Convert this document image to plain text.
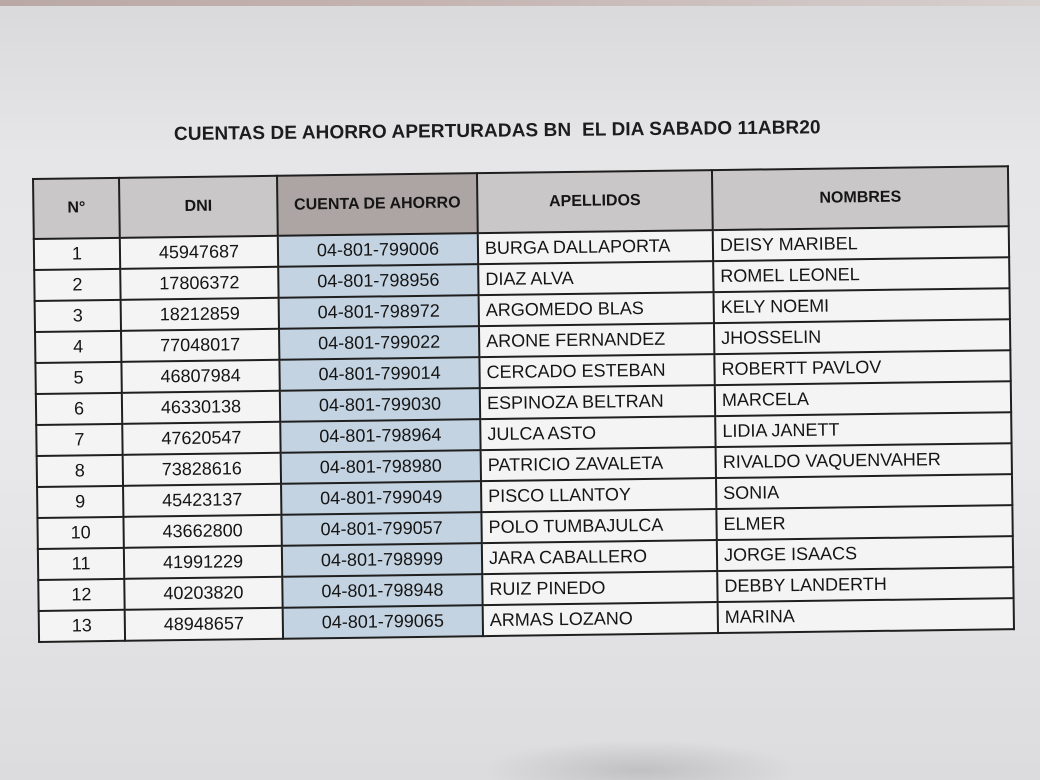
CUENTAS DE AHORRO APERTURADAS BN  EL DIA SABADO 11ABR20
N°	DNI	CUENTA DE AHORRO	APELLIDOS	NOMBRES
1	45947687	04-801-799006	BURGA DALLAPORTA	DEISY MARIBEL
2	17806372	04-801-798956	DIAZ ALVA	ROMEL LEONEL
3	18212859	04-801-798972	ARGOMEDO BLAS	KELY NOEMI
4	77048017	04-801-799022	ARONE FERNANDEZ	JHOSSELIN
5	46807984	04-801-799014	CERCADO ESTEBAN	ROBERTT PAVLOV
6	46330138	04-801-799030	ESPINOZA BELTRAN	MARCELA
7	47620547	04-801-798964	JULCA ASTO	LIDIA JANETT
8	73828616	04-801-798980	PATRICIO ZAVALETA	RIVALDO VAQUENVAHER
9	45423137	04-801-799049	PISCO LLANTOY	SONIA
10	43662800	04-801-799057	POLO TUMBAJULCA	ELMER
11	41991229	04-801-798999	JARA CABALLERO	JORGE ISAACS
12	40203820	04-801-798948	RUIZ PINEDO	DEBBY LANDERTH
13	48948657	04-801-799065	ARMAS LOZANO	MARINA
